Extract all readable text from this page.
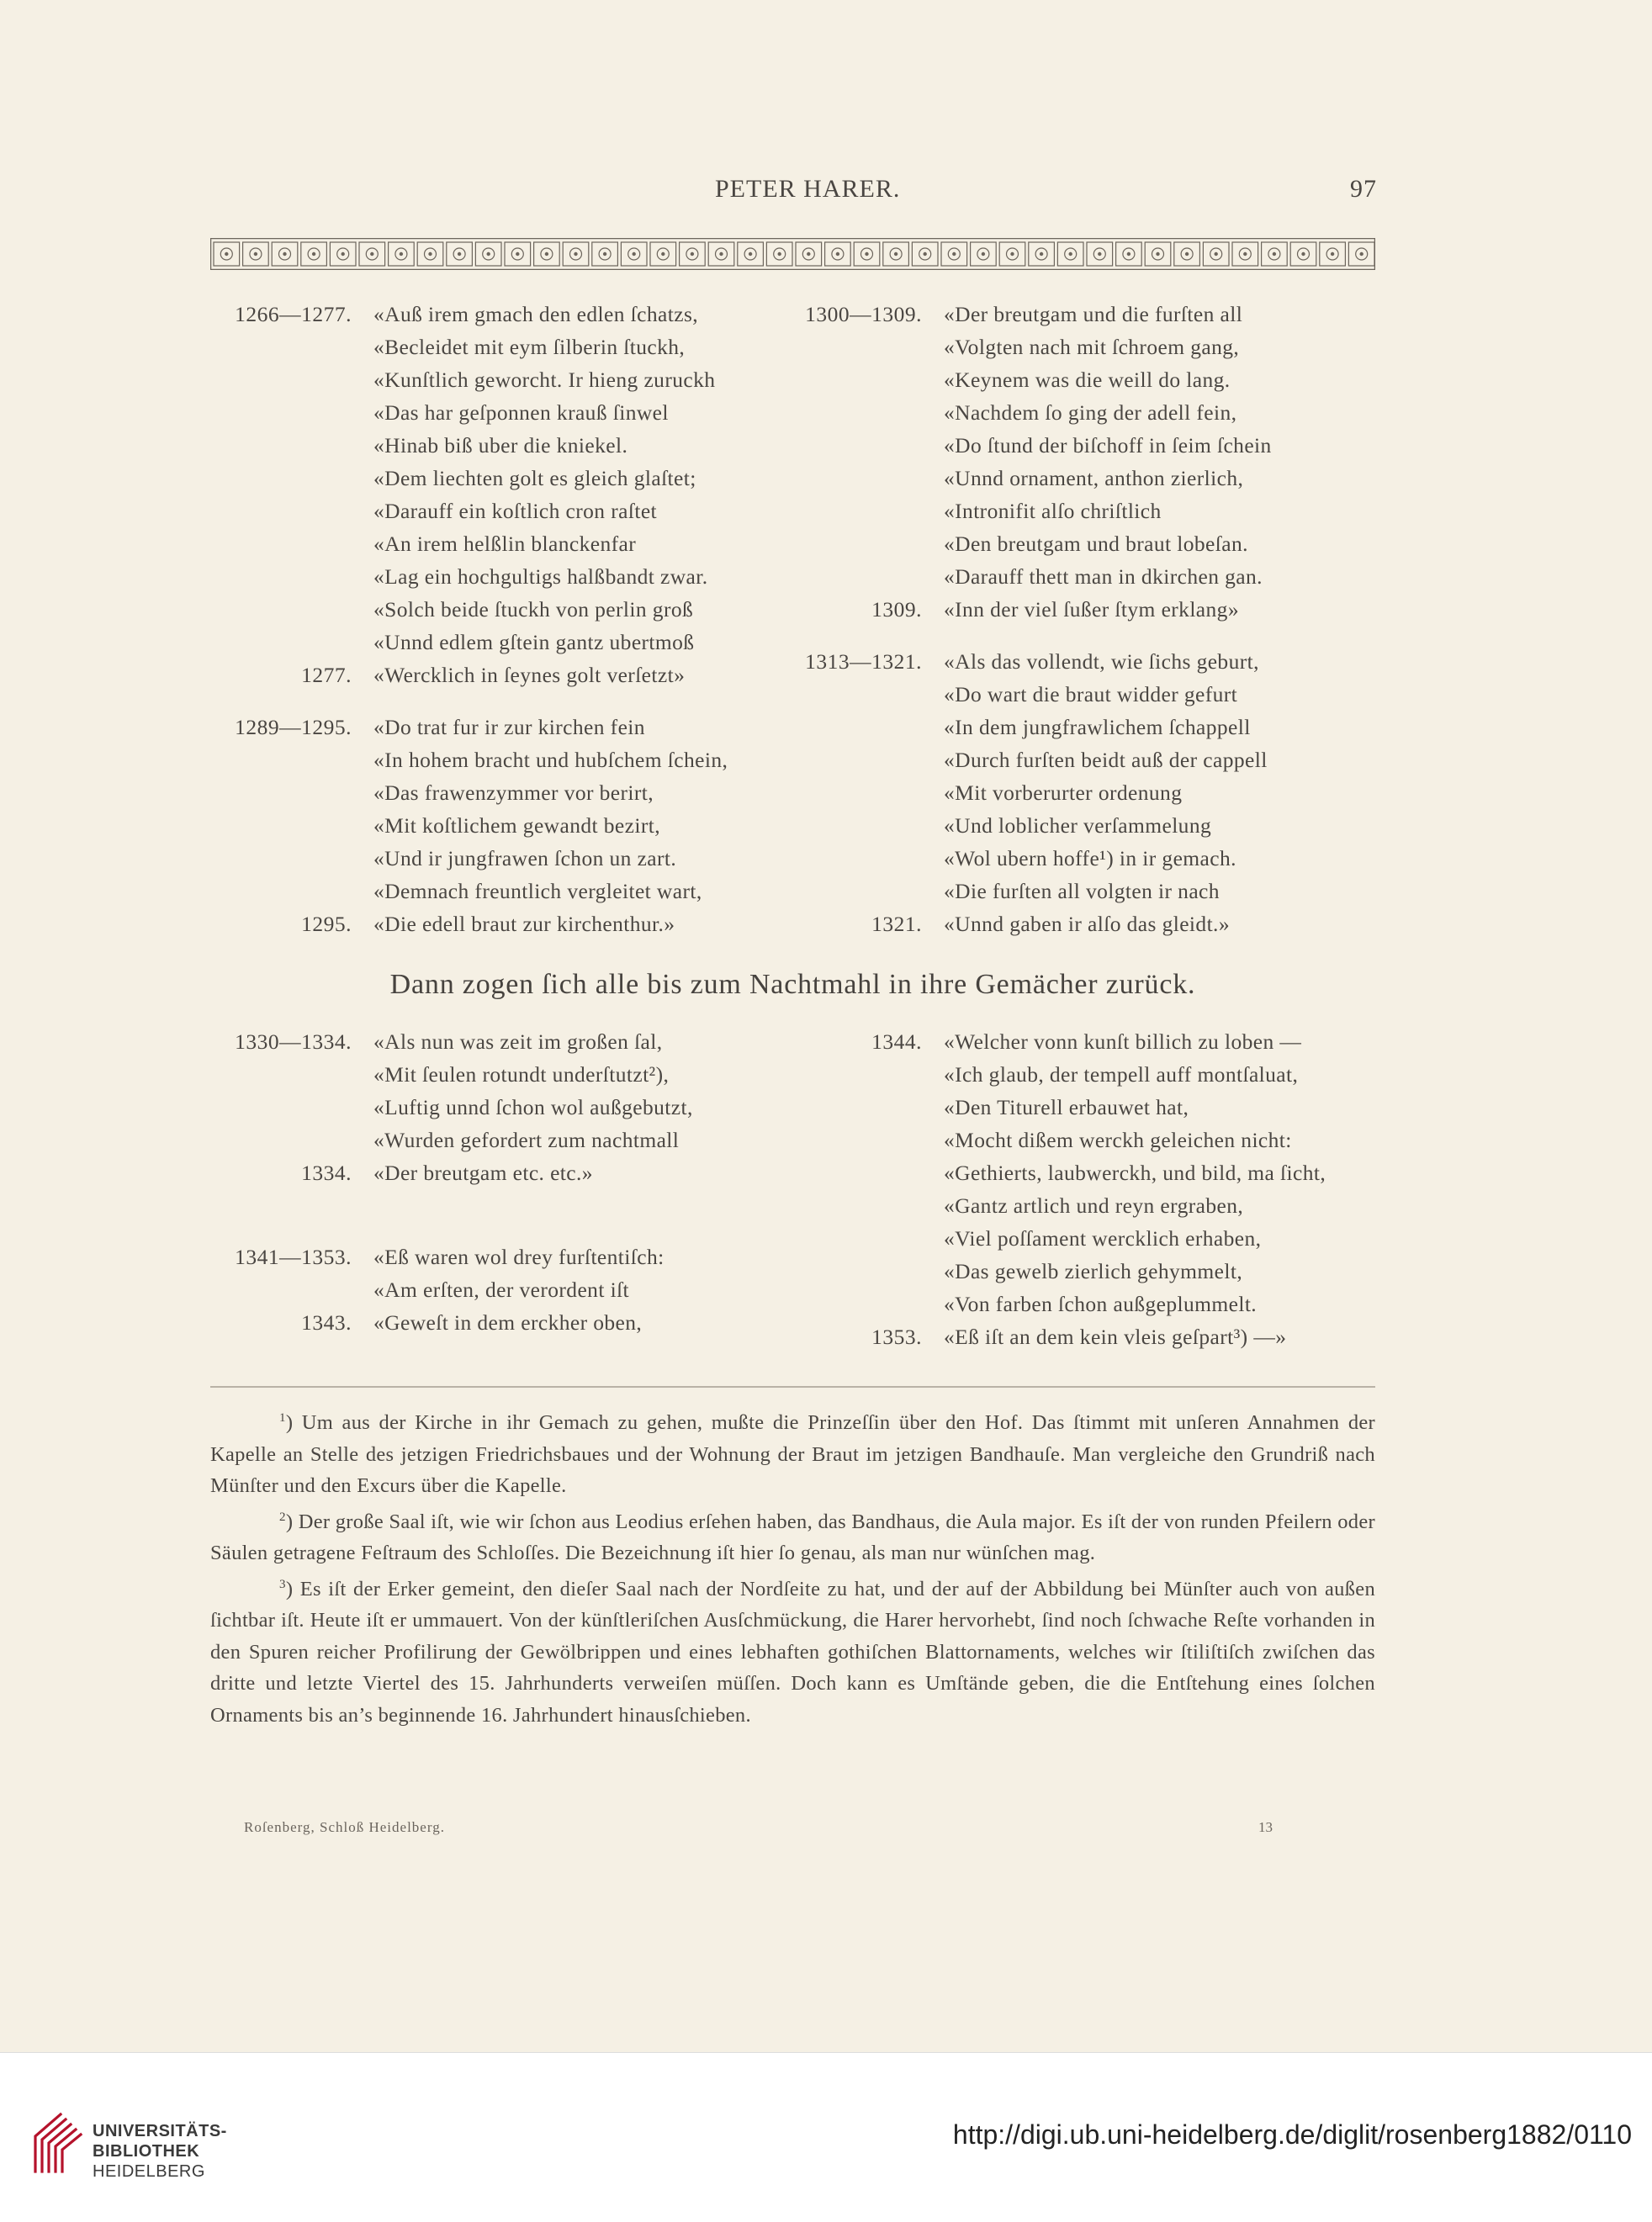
PETER HARER.	97
1266—1277.	«Auß irem gmach den edlen ſchatzs,
«Becleidet mit eym ſilberin ſtuckh,
«Kunſtlich geworcht. Ir hieng zuruckh
«Das har geſponnen krauß ſinwel
«Hinab biß uber die kniekel.
«Dem liechten golt es gleich glaſtet;
«Darauff ein koſtlich cron raſtet
«An irem helßlin blanckenfar
«Lag ein hochgultigs halßbandt zwar.
«Solch beide ſtuckh von perlin groß
«Unnd edlem gſtein gantz ubertmoß
1277.	«Wercklich in ſeynes golt verſetzt»
1289—1295.	«Do trat fur ir zur kirchen fein
«In hohem bracht und hubſchem ſchein,
«Das frawenzymmer vor berirt,
«Mit koſtlichem gewandt bezirt,
«Und ir jungfrawen ſchon un zart.
«Demnach freuntlich vergleitet wart,
1295.	«Die edell braut zur kirchenthur.»
1300—1309.	«Der breutgam und die furſten all
«Volgten nach mit ſchroem gang,
«Keynem was die weill do lang.
«Nachdem ſo ging der adell fein,
«Do ſtund der biſchoff in ſeim ſchein
«Unnd ornament, anthon zierlich,
«Intronifit alſo chriſtlich
«Den breutgam und braut lobeſan.
«Darauff thett man in dkirchen gan.
1309.	«Inn der viel ſußer ſtym erklang»
1313—1321.	«Als das vollendt, wie ſichs geburt,
«Do wart die braut widder gefurt
«In dem jungfrawlichem ſchappell
«Durch furſten beidt auß der cappell
«Mit vorberurter ordenung
«Und loblicher verſammelung
«Wol ubern hoffe¹) in ir gemach.
«Die furſten all volgten ir nach
1321.	«Unnd gaben ir alſo das gleidt.»
Dann zogen ſich alle bis zum Nachtmahl in ihre Gemächer zurück.
1330—1334.	«Als nun was zeit im großen ſal,
«Mit ſeulen rotundt underſtutzt²),
«Luftig unnd ſchon wol außgebutzt,
«Wurden gefordert zum nachtmall
1334.	«Der breutgam etc. etc.»
1341—1353.	«Eß waren wol drey furſtentiſch:
«Am erſten, der verordent iſt
1343.	«Geweſt in dem erckher oben,
1344.	«Welcher vonn kunſt billich zu loben —
«Ich glaub, der tempell auff montſaluat,
«Den Titurell erbauwet hat,
«Mocht dißem werckh geleichen nicht:
«Gethierts, laubwerckh, und bild, ma ſicht,
«Gantz artlich und reyn ergraben,
«Viel poſſament wercklich erhaben,
«Das gewelb zierlich gehymmelt,
«Von farben ſchon außgeplummelt.
1353.	«Eß iſt an dem kein vleis geſpart³) —»

$^1$) Um aus der Kirche in ihr Gemach zu gehen, mußte die Prinzeſſin über den Hof. Das ſtimmt mit unſeren Annahmen der Kapelle an Stelle des jetzigen Friedrichsbaues und der Wohnung der Braut im jetzigen Bandhauſe. Man vergleiche den Grundriß nach Münſter und den Excurs über die Kapelle.

$^2$) Der große Saal iſt, wie wir ſchon aus Leodius erſehen haben, das Bandhaus, die Aula major. Es iſt der von runden Pfeilern oder Säulen getragene Feſtraum des Schloſſes. Die Bezeichnung iſt hier ſo genau, als man nur wünſchen mag.

$^3$) Es iſt der Erker gemeint, den dieſer Saal nach der Nordſeite zu hat, und der auf der Abbildung bei Münſter auch von außen ſichtbar iſt. Heute iſt er ummauert. Von der künſtleriſchen Ausſchmückung, die Harer hervorhebt, ſind noch ſchwache Reſte vorhanden in den Spuren reicher Profilirung der Gewölbrippen und eines lebhaften gothiſchen Blattornaments, welches wir ſtiliſtiſch zwiſchen das dritte und letzte Viertel des 15. Jahrhunderts verweiſen müſſen. Doch kann es Umſtände geben, die die Entſtehung eines ſolchen Ornaments bis an’s beginnende 16. Jahrhundert hinausſchieben.

Roſenberg, Schloß Heidelberg.	13
UNIVERSITÄTS-
BIBLIOTHEK
HEIDELBERG
http://digi.ub.uni-heidelberg.de/diglit/rosenberg1882/0110
